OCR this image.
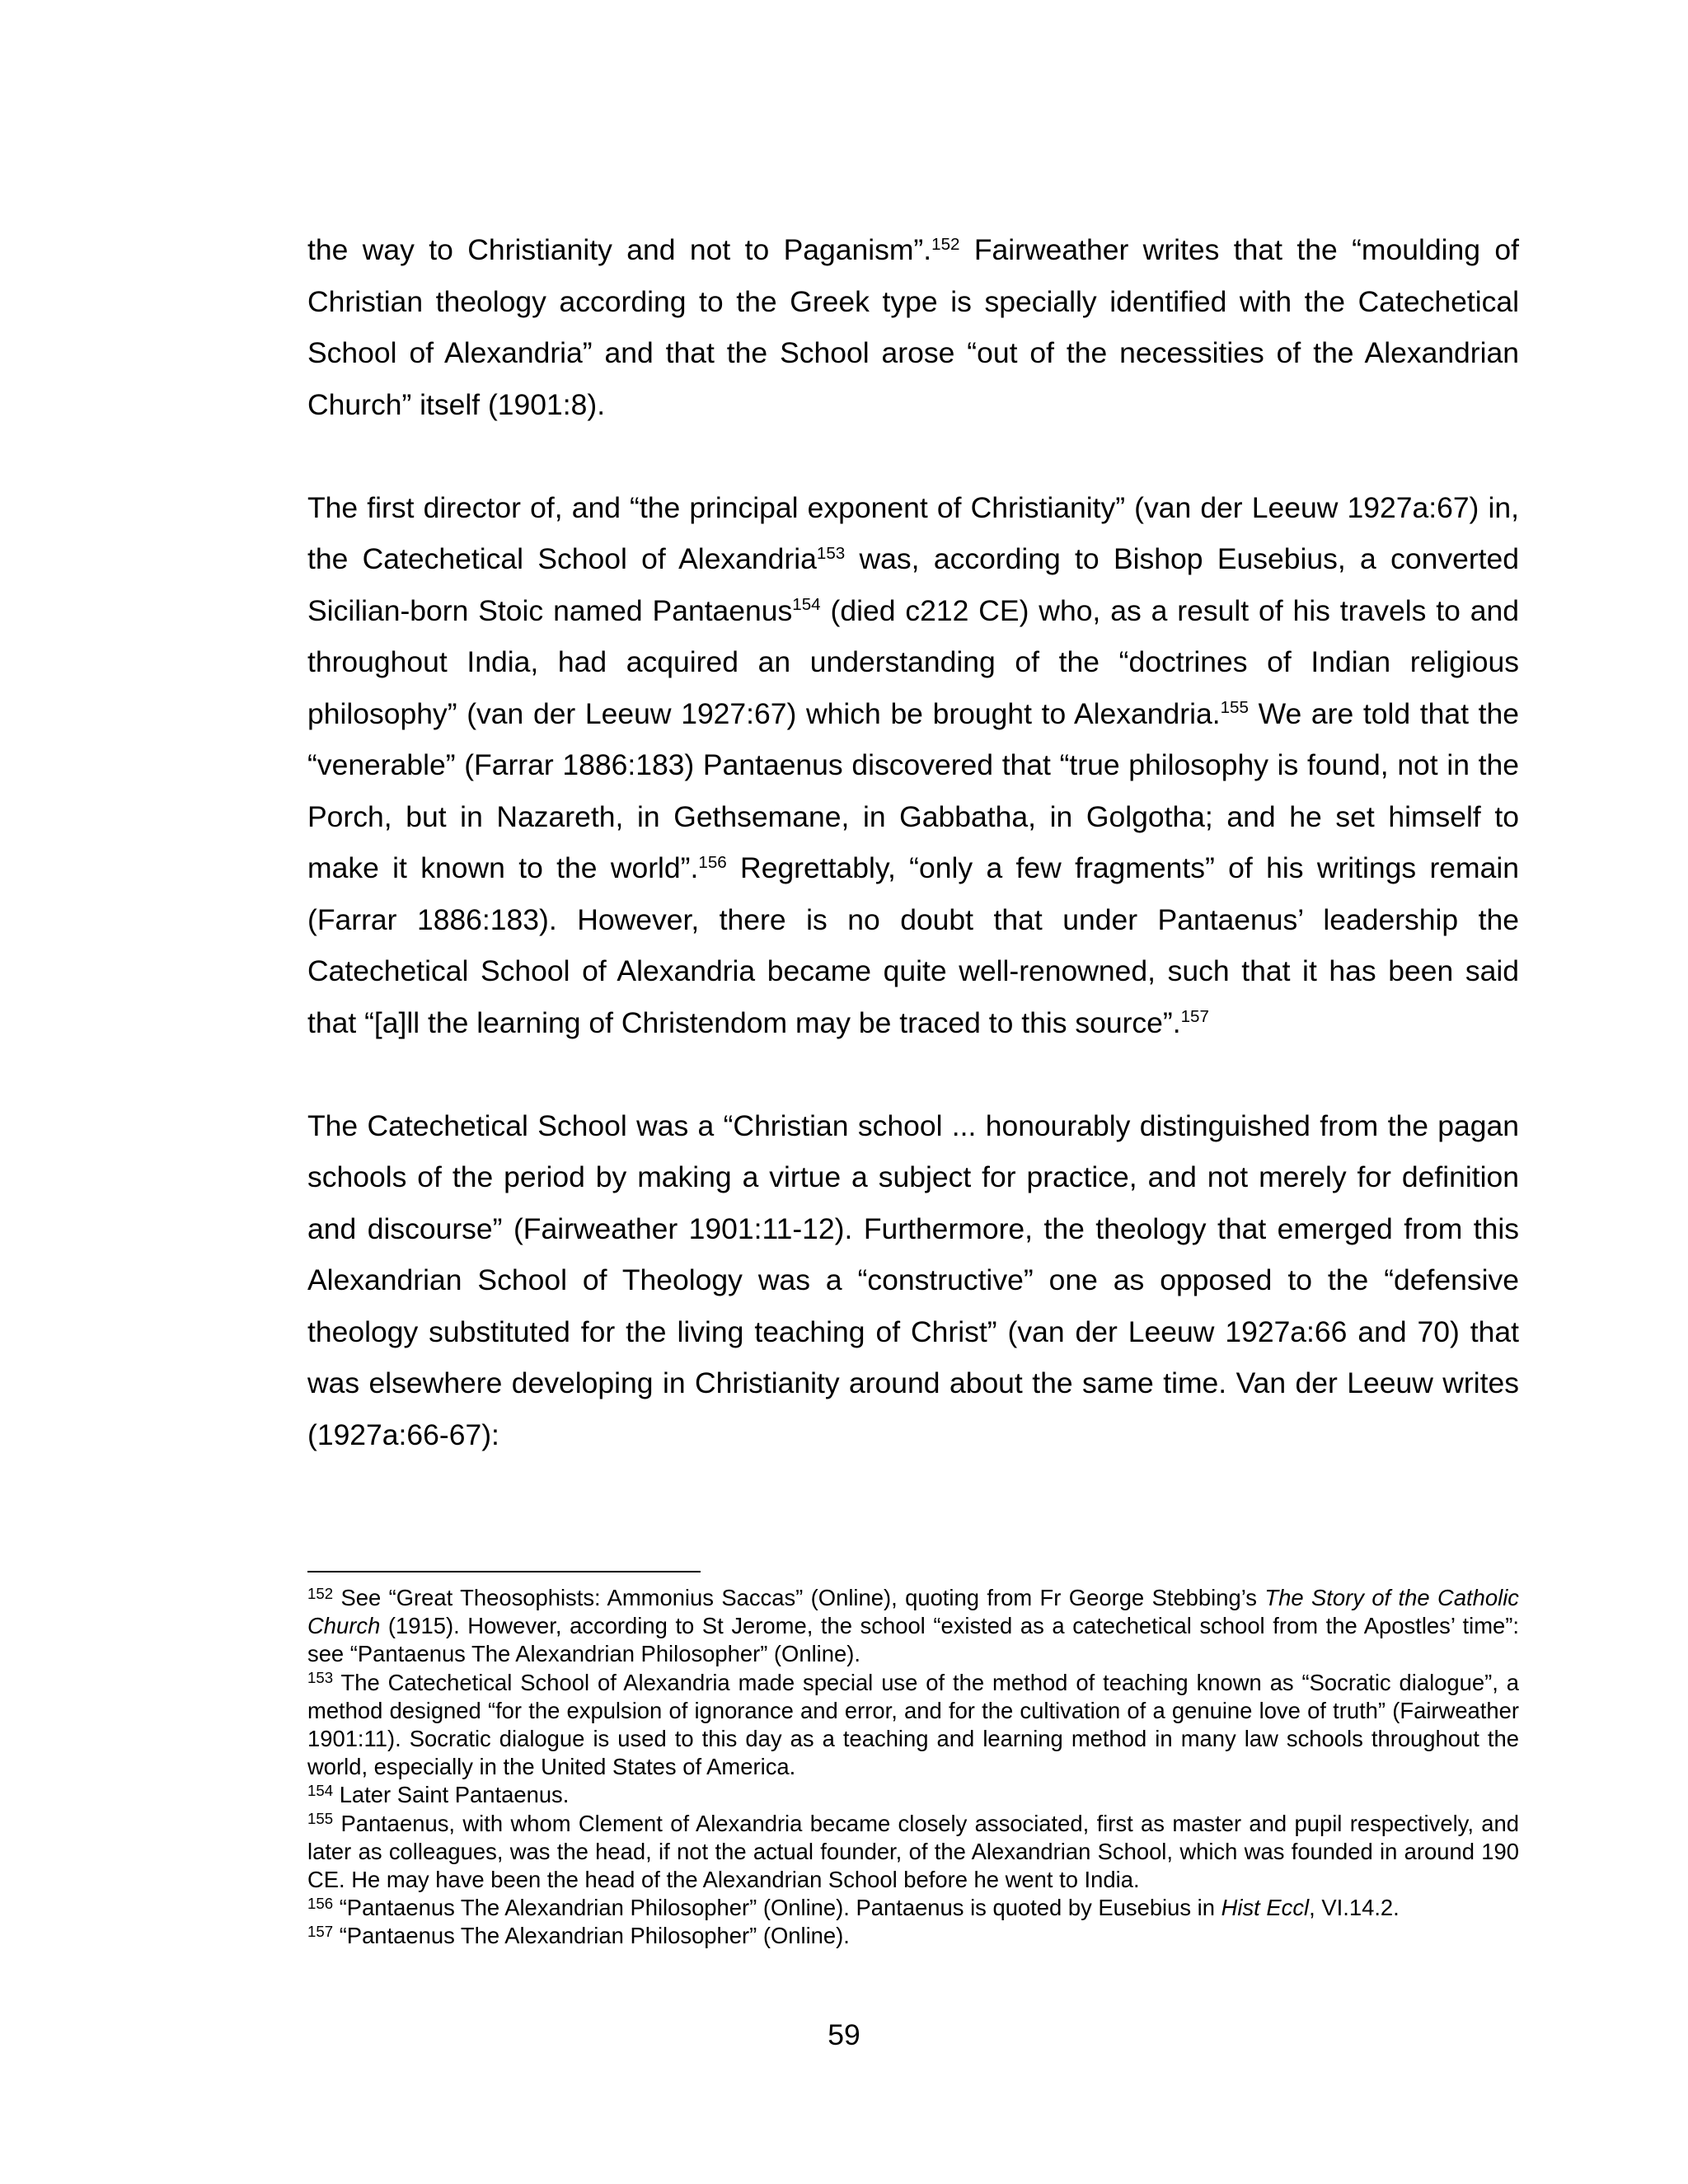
the way to Christianity and not to Paganism”.$^{152}$ Fairweather writes that the “moulding of Christian theology according to the Greek type is specially identified with the Catechetical School of Alexandria” and that the School arose “out of the necessities of the Alexandrian Church” itself (1901:8).

The first director of, and “the principal exponent of Christianity” (van der Leeuw 1927a:67) in, the Catechetical School of Alexandria$^{153}$ was, according to Bishop Eusebius, a converted Sicilian-born Stoic named Pantaenus$^{154}$ (died c212 CE) who, as a result of his travels to and throughout India, had acquired an understanding of the “doctrines of Indian religious philosophy” (van der Leeuw 1927:67) which be brought to Alexandria.$^{155}$ We are told that the “venerable” (Farrar 1886:183) Pantaenus discovered that “true philosophy is found, not in the Porch, but in Nazareth, in Gethsemane, in Gabbatha, in Golgotha; and he set himself to make it known to the world”.$^{156}$ Regrettably, “only a few fragments” of his writings remain (Farrar 1886:183). However, there is no doubt that under Pantaenus’ leadership the Catechetical School of Alexandria became quite well-renowned, such that it has been said that “[a]ll the learning of Christendom may be traced to this source”.$^{157}$

The Catechetical School was a “Christian school ... honourably distinguished from the pagan schools of the period by making a virtue a subject for practice, and not merely for definition and discourse” (Fairweather 1901:11-12). Furthermore, the theology that emerged from this Alexandrian School of Theology was a “constructive” one as opposed to the “defensive theology substituted for the living teaching of Christ” (van der Leeuw 1927a:66 and 70) that was elsewhere developing in Christianity around about the same time. Van der Leeuw writes (1927a:66-67):

$^{152}$ See “Great Theosophists: Ammonius Saccas” (Online), quoting from Fr George Stebbing’s The Story of the Catholic Church (1915). However, according to St Jerome, the school “existed as a catechetical school from the Apostles’ time”: see “Pantaenus The Alexandrian Philosopher” (Online).

$^{153}$ The Catechetical School of Alexandria made special use of the method of teaching known as “Socratic dialogue”, a method designed “for the expulsion of ignorance and error, and for the cultivation of a genuine love of truth” (Fairweather 1901:11). Socratic dialogue is used to this day as a teaching and learning method in many law schools throughout the world, especially in the United States of America.

$^{154}$ Later Saint Pantaenus.

$^{155}$ Pantaenus, with whom Clement of Alexandria became closely associated, first as master and pupil respectively, and later as colleagues, was the head, if not the actual founder, of the Alexandrian School, which was founded in around 190 CE. He may have been the head of the Alexandrian School before he went to India.

$^{156}$ “Pantaenus The Alexandrian Philosopher” (Online). Pantaenus is quoted by Eusebius in Hist Eccl, VI.14.2.

$^{157}$ “Pantaenus The Alexandrian Philosopher” (Online).

59
